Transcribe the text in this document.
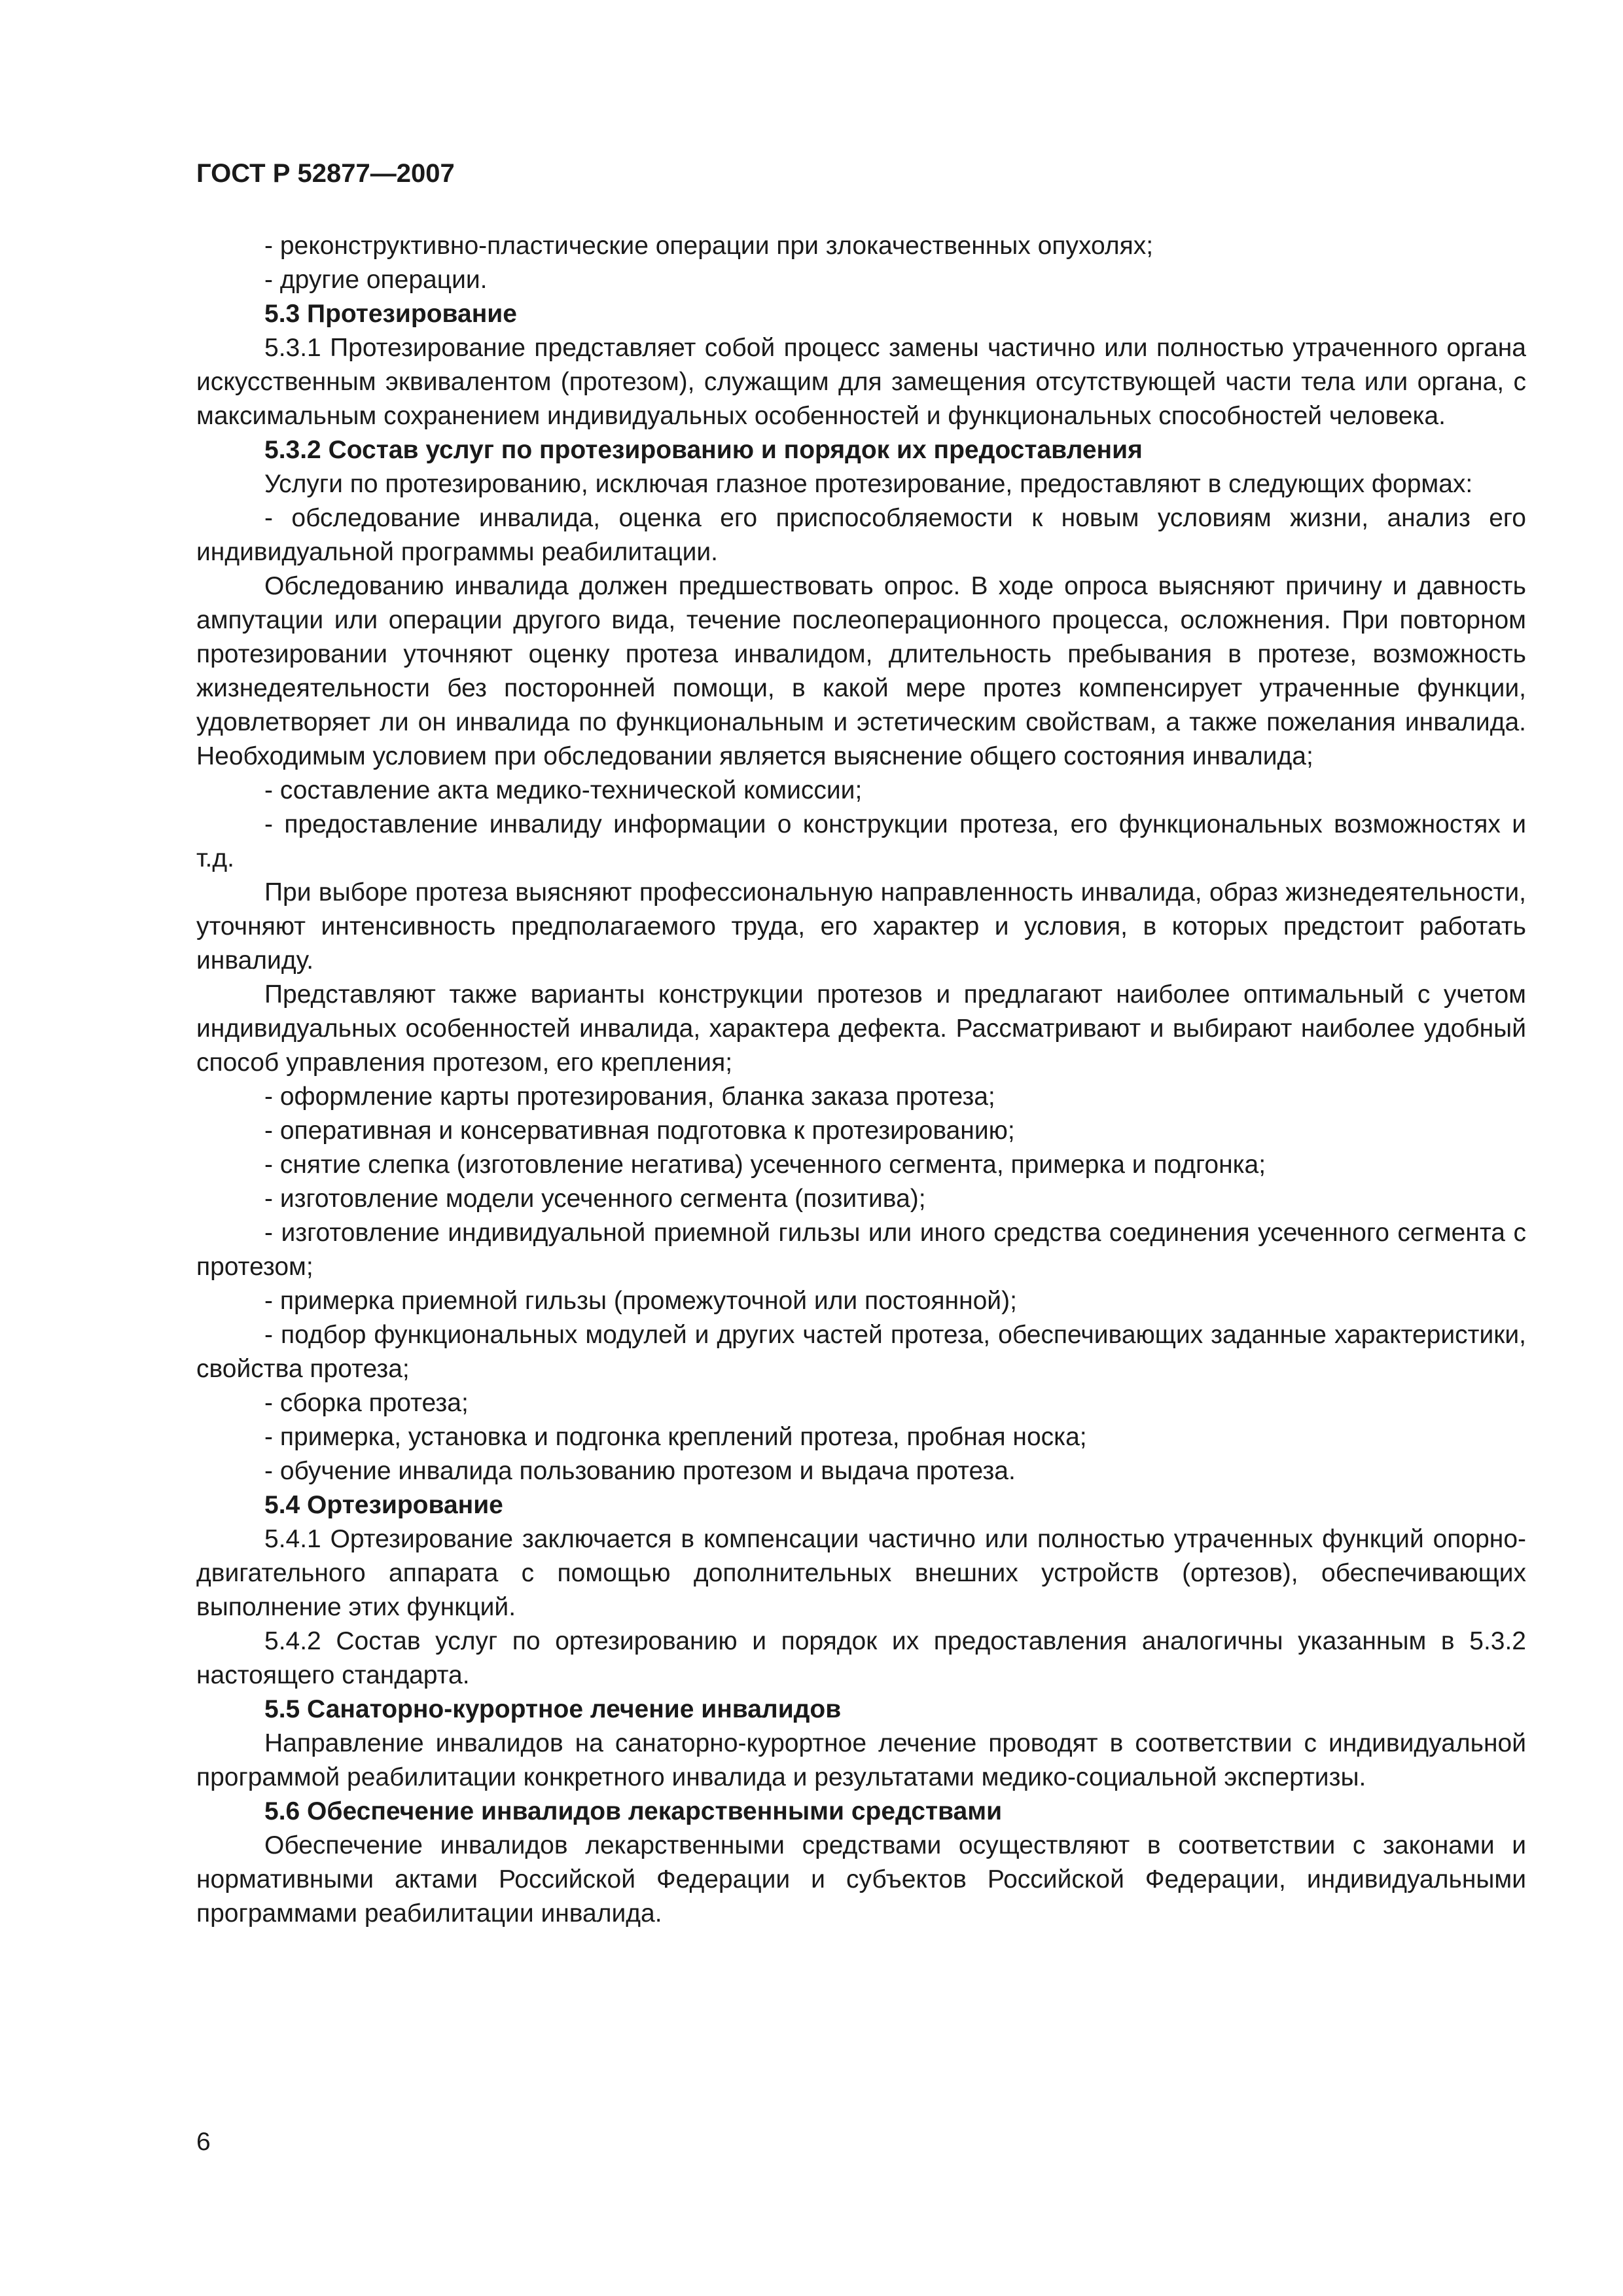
ГОСТ Р 52877—2007

- реконструктивно-пластические операции при злокачественных опухолях;

- другие операции.

5.3 Протезирование

5.3.1 Протезирование представляет собой процесс замены частично или полностью утраченного органа искусственным эквивалентом (протезом), служащим для замещения отсутствующей части тела или органа, с максимальным сохранением индивидуальных особенностей и функциональных способностей человека.

5.3.2 Состав услуг по протезированию и порядок их предоставления

Услуги по протезированию, исключая глазное протезирование, предоставляют в следующих формах:

- обследование инвалида, оценка его приспособляемости к новым условиям жизни, анализ его индивидуальной программы реабилитации.

Обследованию инвалида должен предшествовать опрос. В ходе опроса выясняют причину и давность ампутации или операции другого вида, течение послеоперационного процесса, осложнения. При повторном протезировании уточняют оценку протеза инвалидом, длительность пребывания в протезе, возможность жизнедеятельности без посторонней помощи, в какой мере протез компенсирует утраченные функции, удовлетворяет ли он инвалида по функциональным и эстетическим свойствам, а также пожелания инвалида. Необходимым условием при обследовании является выяснение общего состояния инвалида;

- составление акта медико-технической комиссии;

- предоставление инвалиду информации о конструкции протеза, его функциональных возможностях и т.д.

При выборе протеза выясняют профессиональную направленность инвалида, образ жизнедеятельности, уточняют интенсивность предполагаемого труда, его характер и условия, в которых предстоит работать инвалиду.

Представляют также варианты конструкции протезов и предлагают наиболее оптимальный с учетом индивидуальных особенностей инвалида, характера дефекта. Рассматривают и выбирают наиболее удобный способ управления протезом, его крепления;

- оформление карты протезирования, бланка заказа протеза;

- оперативная и консервативная подготовка к протезированию;

- снятие слепка (изготовление негатива) усеченного сегмента, примерка и подгонка;

- изготовление модели усеченного сегмента (позитива);

- изготовление индивидуальной приемной гильзы или иного средства соединения усеченного сегмента с протезом;

- примерка приемной гильзы (промежуточной или постоянной);

- подбор функциональных модулей и других частей протеза, обеспечивающих заданные характеристики, свойства протеза;

- сборка протеза;

- примерка, установка и подгонка креплений протеза, пробная носка;

- обучение инвалида пользованию протезом и выдача протеза.

5.4 Ортезирование

5.4.1 Ортезирование заключается в компенсации частично или полностью утраченных функций опорно-двигательного аппарата с помощью дополнительных внешних устройств (ортезов), обеспечивающих выполнение этих функций.

5.4.2 Состав услуг по ортезированию и порядок их предоставления аналогичны указанным в 5.3.2 настоящего стандарта.

5.5 Санаторно-курортное лечение инвалидов

Направление инвалидов на санаторно-курортное лечение проводят в соответствии с индивидуальной программой реабилитации конкретного инвалида и результатами медико-социальной экспертизы.

5.6 Обеспечение инвалидов лекарственными средствами

Обеспечение инвалидов лекарственными средствами осуществляют в соответствии с законами и нормативными актами Российской Федерации и субъектов Российской Федерации, индивидуальными программами реабилитации инвалида.

6
